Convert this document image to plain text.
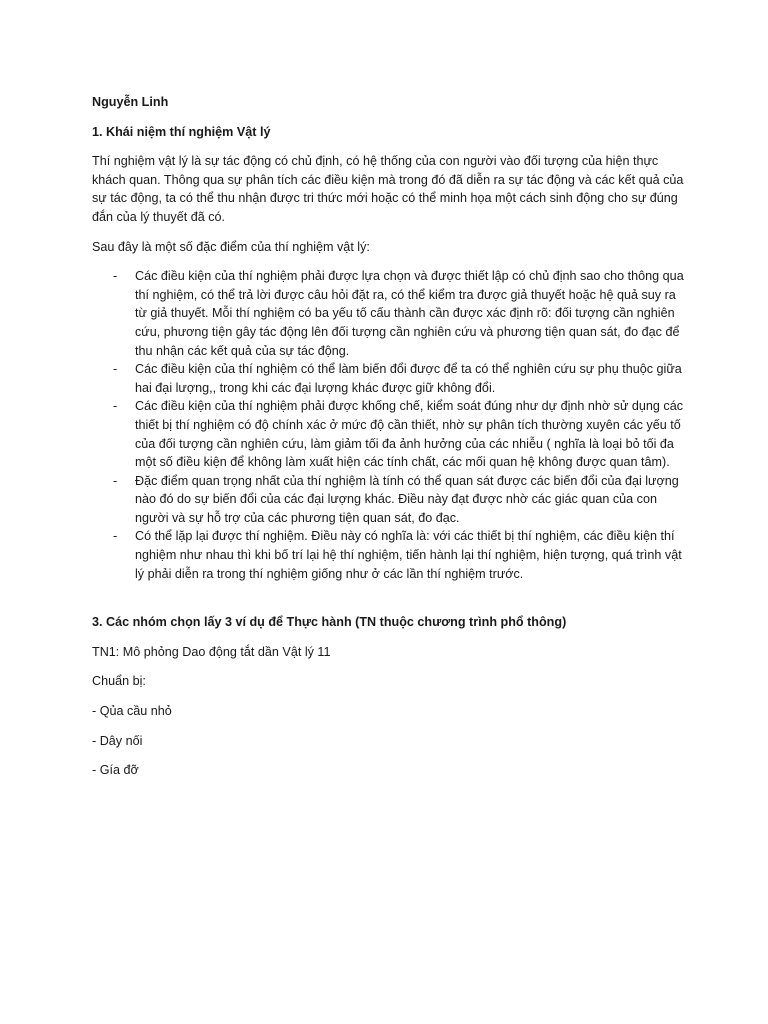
Nguyễn Linh

1. Khái niệm thí nghiệm Vật lý

Thí nghiệm vật lý là sự tác động có chủ định, có hệ thống của con người vào đối tượng của hiện thực khách quan. Thông qua sự phân tích các điều kiện mà trong đó đã diễn ra sự tác động và các kết quả của sự tác động, ta có thể thu nhận được tri thức mới hoặc có thể minh họa một cách sinh động cho sự đúng đắn của lý thuyết đã có.

Sau đây là một số đặc điểm của thí nghiệm vật lý:

- Các điều kiện của thí nghiệm phải được lựa chọn và được thiết lập có chủ định sao cho thông qua thí nghiệm, có thể trả lời được câu hỏi đặt ra, có thể kiểm tra được giả thuyết hoặc hệ quả suy ra từ giả thuyết. Mỗi thí nghiệm có ba yếu tố cấu thành cần được xác định rõ: đối tượng cần nghiên cứu, phương tiện gây tác động lên đối tượng cần nghiên cứu và phương tiện quan sát, đo đạc để thu nhận các kết quả của sự tác động.
- Các điều kiện của thí nghiệm có thể làm biến đổi được để ta có thể nghiên cứu sự phụ thuộc giữa hai đại lượng,, trong khi các đại lượng khác được giữ không đổi.
- Các điều kiện của thí nghiệm phải được khống chế, kiểm soát đúng như dự định nhờ sử dụng các thiết bị thí nghiệm có độ chính xác ở mức độ cần thiết, nhờ sự phân tích thường xuyên các yếu tố của đối tượng cần nghiên cứu, làm giảm tối đa ảnh hưởng của các nhiễu ( nghĩa là loại bỏ tối đa một số điều kiện để không làm xuất hiện các tính chất, các mối quan hệ không được quan tâm).
- Đặc điểm quan trọng nhất của thí nghiệm là tính có thể quan sát được các biến đổi của đại lượng nào đó do sự biến đổi của các đại lượng khác. Điều này đạt được nhờ các giác quan của con người và sự hỗ trợ của các phương tiện quan sát, đo đạc.
- Có thể lặp lại được thí nghiệm. Điều này có nghĩa là: với các thiết bị thí nghiệm, các điều kiện thí nghiệm như nhau thì khi bố trí lại hệ thí nghiệm, tiến hành lại thí nghiệm, hiện tượng, quá trình vật lý phải diễn ra trong thí nghiệm giống như ở các lần thí nghiệm trước.

3. Các nhóm chọn lấy 3 ví dụ để Thực hành (TN thuộc chương trình phổ thông)

TN1: Mô phỏng Dao động tắt dần Vật lý 11

Chuẩn bị:

- Qủa cầu nhỏ

- Dây nối

- Gía đỡ
